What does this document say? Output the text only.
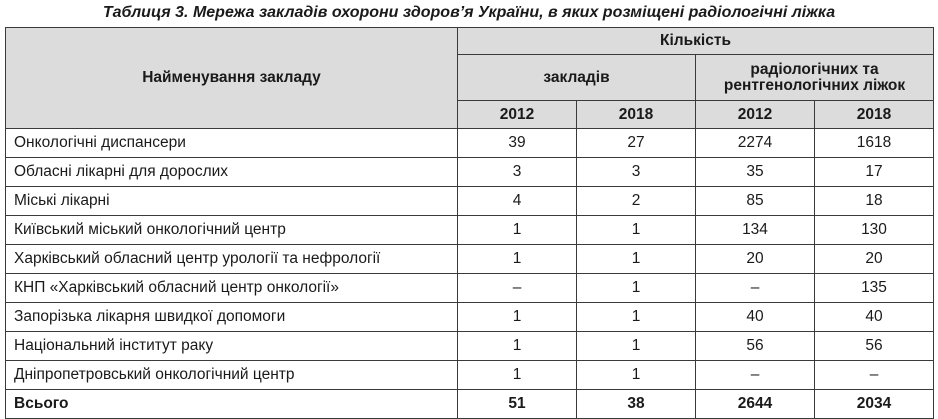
Таблиця 3. Мережа закладів охорони здоров’я України, в яких розміщені радіологічні ліжка
Найменування закладу	Кількість			
	закладів		радіологічних та рентгенологічних ліжок	
	2012	2018	2012	2018
Онкологічні диспансери	39	27	2274	1618
Обласні лікарні для дорослих	3	3	35	17
Міські лікарні	4	2	85	18
Київський міський онкологічний центр	1	1	134	130
Харківський обласний центр урології та нефрології	1	1	20	20
КНП «Харківський обласний центр онкології»	–	1	–	135
Запорізька лікарня швидкої допомоги	1	1	40	40
Національний інститут раку	1	1	56	56
Дніпропетровський онкологічний центр	1	1	–	–
Всього	51	38	2644	2034
